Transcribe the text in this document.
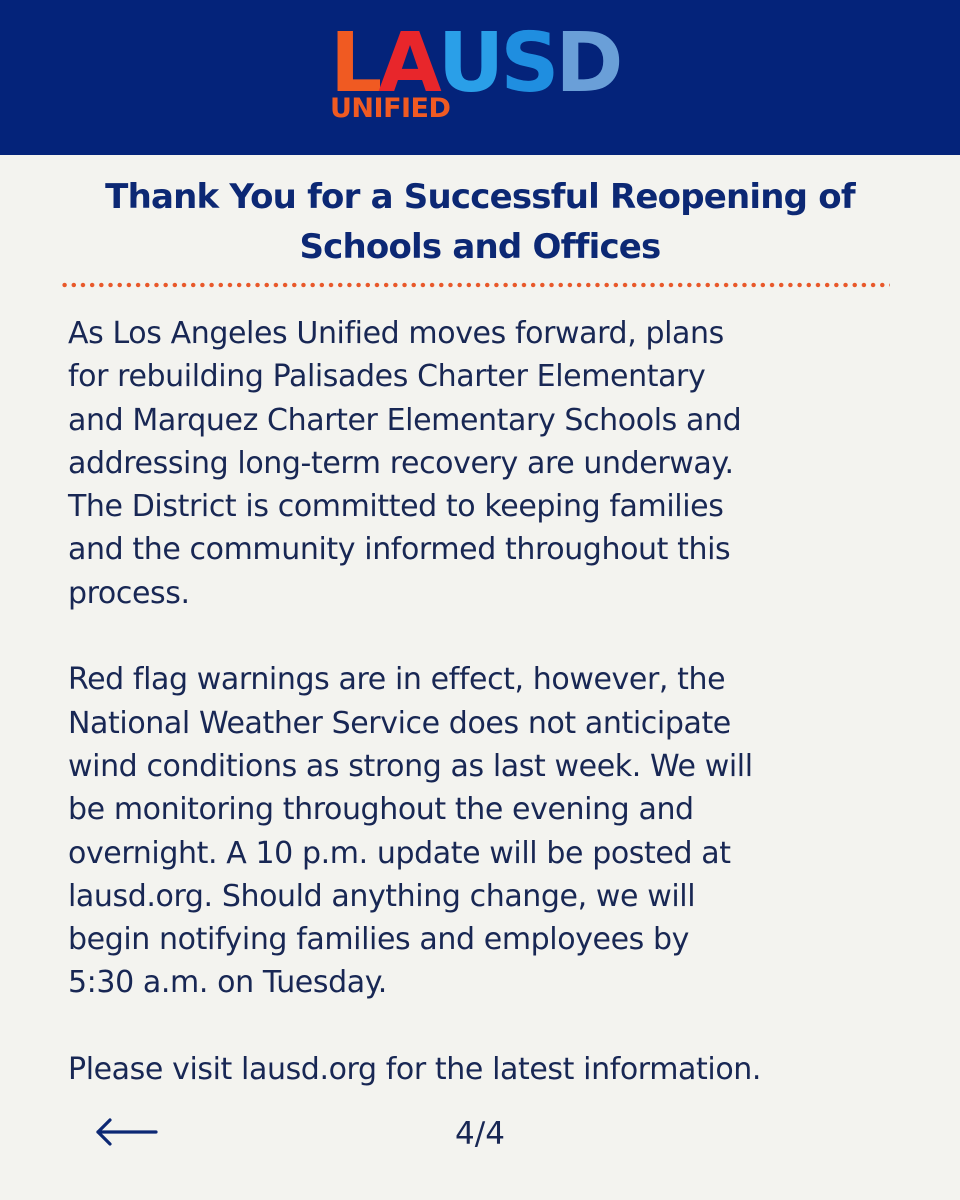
LAUSD
UNIFIED
Thank You for a Successful Reopening of Schools and Offices

As Los Angeles Unified moves forward, plans
for rebuilding Palisades Charter Elementary
and Marquez Charter Elementary Schools and
addressing long-term recovery are underway.
The District is committed to keeping families
and the community informed throughout this
process.

Red flag warnings are in effect, however, the
National Weather Service does not anticipate
wind conditions as strong as last week. We will
be monitoring throughout the evening and
overnight. A 10 p.m. update will be posted at
lausd.org. Should anything change, we will
begin notifying families and employees by
5:30 a.m. on Tuesday.

Please visit lausd.org for the latest information.

4/4
